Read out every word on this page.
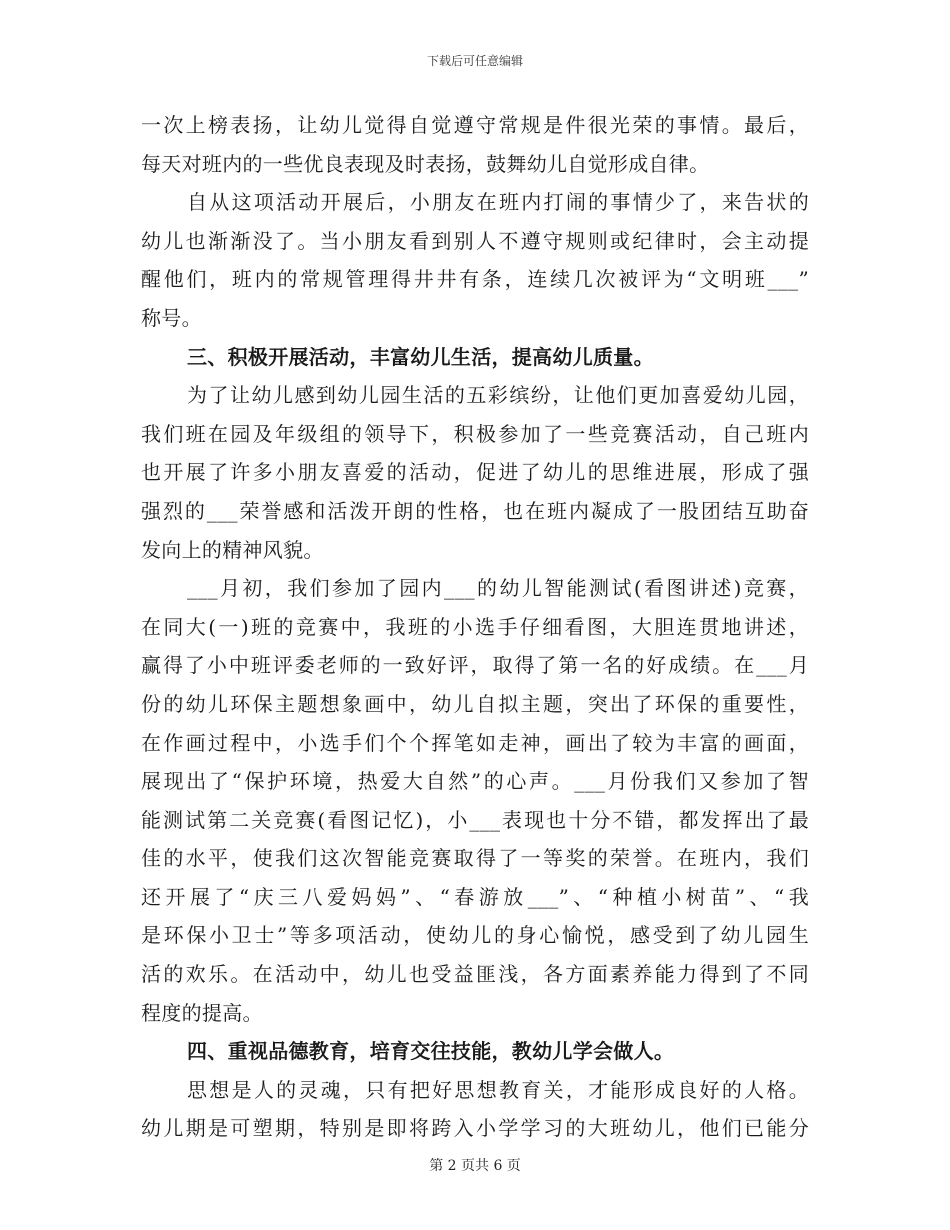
下载后可任意编辑
一次上榜表扬，让幼儿觉得自觉遵守常规是件很光荣的事情。最后，
每天对班内的一些优良表现及时表扬，鼓舞幼儿自觉形成自律。
自从这项活动开展后，小朋友在班内打闹的事情少了，来告状的
幼儿也渐渐没了。当小朋友看到别人不遵守规则或纪律时，会主动提
醒他们，班内的常规管理得井井有条，连续几次被评为“文明班___”
称号。
三、积极开展活动，丰富幼儿生活，提高幼儿质量。
为了让幼儿感到幼儿园生活的五彩缤纷，让他们更加喜爱幼儿园，
我们班在园及年级组的领导下，积极参加了一些竞赛活动，自己班内
也开展了许多小朋友喜爱的活动，促进了幼儿的思维进展，形成了强
强烈的___荣誉感和活泼开朗的性格，也在班内凝成了一股团结互助奋
发向上的精神风貌。
___月初，我们参加了园内___的幼儿智能测试(看图讲述)竞赛，
在同大(一)班的竞赛中，我班的小选手仔细看图，大胆连贯地讲述，
赢得了小中班评委老师的一致好评，取得了第一名的好成绩。在___月
份的幼儿环保主题想象画中，幼儿自拟主题，突出了环保的重要性，
在作画过程中，小选手们个个挥笔如走神，画出了较为丰富的画面，
展现出了“保护环境，热爱大自然”的心声。___月份我们又参加了智
能测试第二关竞赛(看图记忆)，小___表现也十分不错，都发挥出了最
佳的水平，使我们这次智能竞赛取得了一等奖的荣誉。在班内，我们
还开展了“庆三八爱妈妈”、“春游放___”、“种植小树苗”、“我
是环保小卫士”等多项活动，使幼儿的身心愉悦，感受到了幼儿园生
活的欢乐。在活动中，幼儿也受益匪浅，各方面素养能力得到了不同
程度的提高。
四、重视品德教育，培育交往技能，教幼儿学会做人。
思想是人的灵魂，只有把好思想教育关，才能形成良好的人格。
幼儿期是可塑期，特别是即将跨入小学学习的大班幼儿，他们已能分
第 2 页共 6 页
